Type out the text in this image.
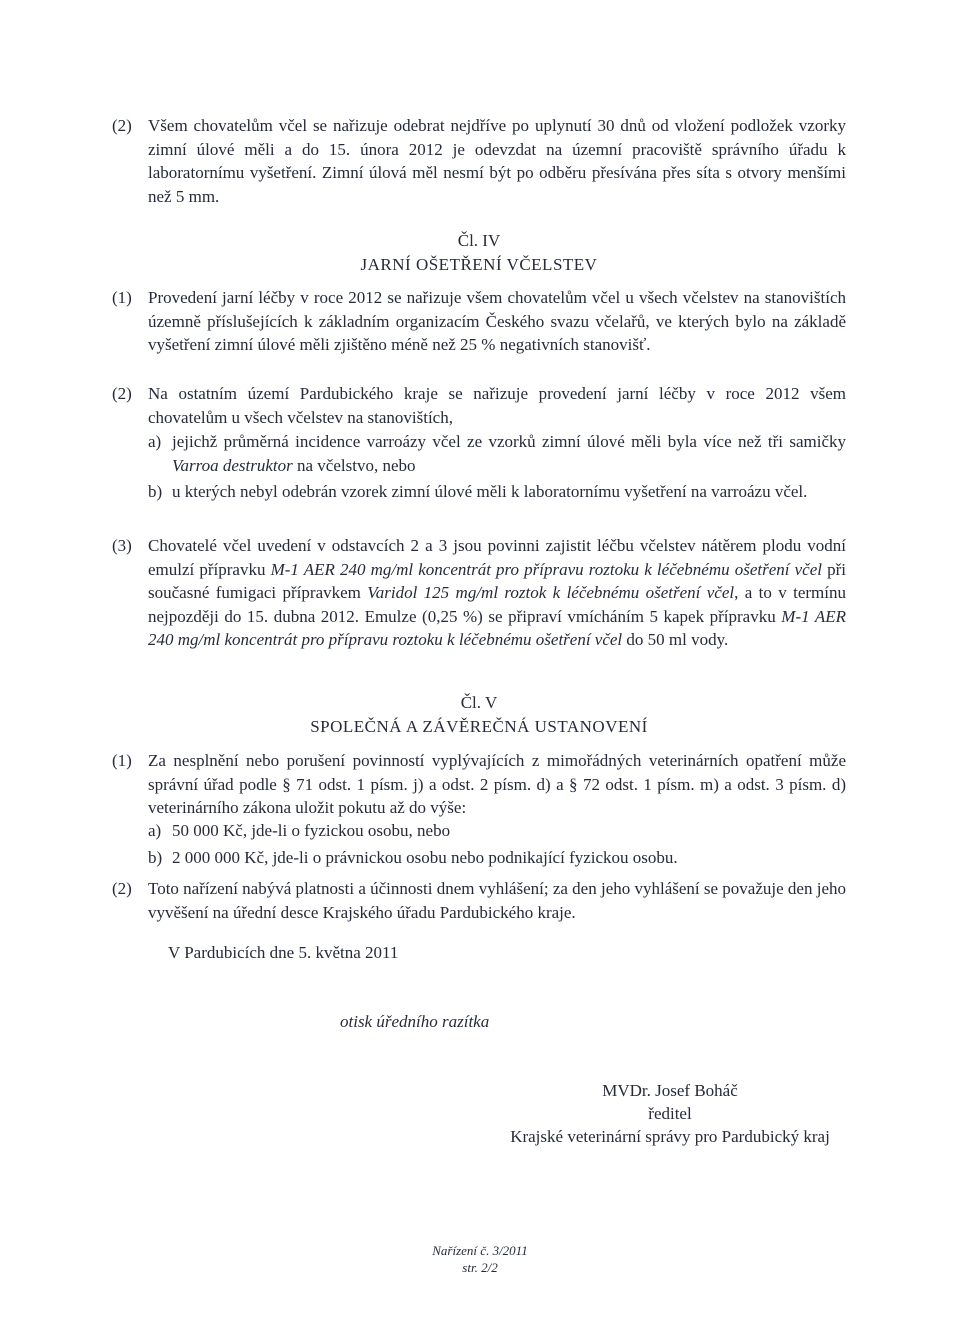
(2) Všem chovatelům včel se nařizuje odebrat nejdříve po uplynutí 30 dnů od vložení podložek vzorky zimní úlové měli a do 15. února 2012 je odevzdat na územní pracoviště správního úřadu k laboratornímu vyšetření. Zimní úlová měl nesmí být po odběru přesívána přes síta s otvory menšími než 5 mm.
Čl. IV
JARNÍ OŠETŘENÍ VČELSTEV
(1) Provedení jarní léčby v roce 2012 se nařizuje všem chovatelům včel u všech včelstev na stanovištích územně příslušejících k základním organizacím Českého svazu včelařů, ve kterých bylo na základě vyšetření zimní úlové měli zjištěno méně než 25 % negativních stanovišť.
(2) Na ostatním území Pardubického kraje se nařizuje provedení jarní léčby v roce 2012 všem chovatelům u všech včelstev na stanovištích,
a) jejichž průměrná incidence varroázy včel ze vzorků zimní úlové měli byla více než tři samičky Varroa destruktor na včelstvo, nebo
b) u kterých nebyl odebrán vzorek zimní úlové měli k laboratornímu vyšetření na varroázu včel.
(3) Chovatelé včel uvedení v odstavcích 2 a 3 jsou povinni zajistit léčbu včelstev nátěrem plodu vodní emulzí přípravku M-1 AER 240 mg/ml koncentrát pro přípravu roztoku k léčebnému ošetření včel při současné fumigaci přípravkem Varidol 125 mg/ml roztok k léčebnému ošetření včel, a to v termínu nejpozději do 15. dubna 2012. Emulze (0,25 %) se připraví vmícháním 5 kapek přípravku M-1 AER 240 mg/ml koncentrát pro přípravu roztoku k léčebnému ošetření včel do 50 ml vody.
Čl. V
SPOLEČNÁ A ZÁVĚREČNÁ USTANOVENÍ
(1) Za nesplnění nebo porušení povinností vyplývajících z mimořádných veterinárních opatření může správní úřad podle § 71 odst. 1 písm. j) a odst. 2 písm. d) a § 72 odst. 1 písm. m) a odst. 3 písm. d) veterinárního zákona uložit pokutu až do výše:
a) 50 000 Kč, jde-li o fyzickou osobu, nebo
b) 2 000 000 Kč, jde-li o právnickou osobu nebo podnikající fyzickou osobu.
(2) Toto nařízení nabývá platnosti a účinnosti dnem vyhlášení; za den jeho vyhlášení se považuje den jeho vyvěšení na úřední desce Krajského úřadu Pardubického kraje.
V Pardubicích dne 5. května 2011
otisk úředního razítka
MVDr. Josef Boháč
ředitel
Krajské veterinární správy pro Pardubický kraj
Nařízení č. 3/2011
str. 2/2
